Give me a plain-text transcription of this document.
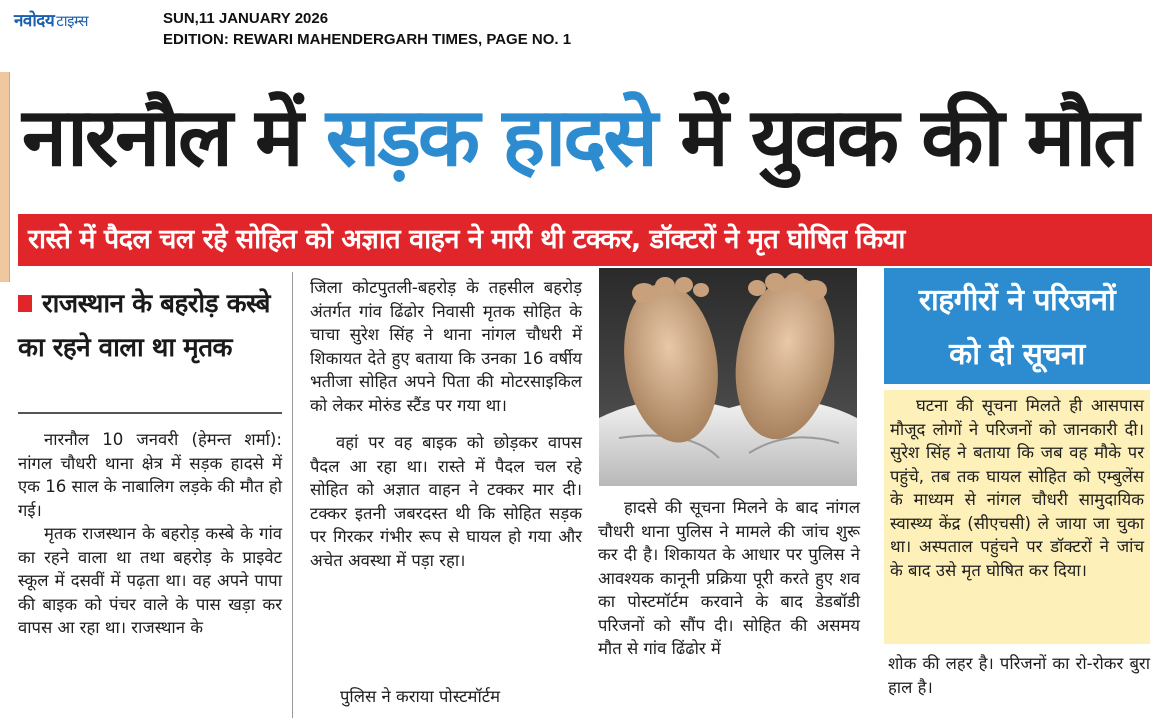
नवोदय टाइम्स	SUN,11 JANUARY 2026
EDITION: REWARI MAHENDERGARH TIMES, PAGE NO. 1
नारनौल में सड़क हादसे में युवक की मौत
रास्ते में पैदल चल रहे सोहित को अज्ञात वाहन ने मारी थी टक्कर, डॉक्टरों ने मृत घोषित किया
राजस्थान के बहरोड़ कस्बे का रहने वाला था मृतक

नारनौल 10 जनवरी (हेमन्त शर्मा): नांगल चौधरी थाना क्षेत्र में सड़क हादसे में एक 16 साल के नाबालिग लड़के की मौत हो गई।

मृतक राजस्थान के बहरोड़ कस्बे के गांव का रहने वाला था तथा बहरोड़ के प्राइवेट स्कूल में दसवीं में पढ़ता था। वह अपने पापा की बाइक को पंचर वाले के पास खड़ा कर वापस आ रहा था। राजस्थान के

जिला कोटपुतली-बहरोड़ के तहसील बहरोड़ अंतर्गत गांव ढिंढोर निवासी मृतक सोहित के चाचा सुरेश सिंह ने थाना नांगल चौधरी में शिकायत देते हुए बताया कि उनका 16 वर्षीय भतीजा सोहित अपने पिता की मोटरसाइकिल को लेकर मोरुंड स्टैंड पर गया था।

वहां पर वह बाइक को छोड़कर वापस पैदल आ रहा था। रास्ते में पैदल चल रहे सोहित को अज्ञात वाहन ने टक्कर मार दी। टक्कर इतनी जबरदस्त थी कि सोहित सड़क पर गिरकर गंभीर रूप से घायल हो गया और अचेत अवस्था में पड़ा रहा।

पुलिस ने कराया पोस्टमॉर्टम

हादसे की सूचना मिलने के बाद नांगल चौधरी थाना पुलिस ने मामले की जांच शुरू कर दी है। शिकायत के आधार पर पुलिस ने आवश्यक कानूनी प्रक्रिया पूरी करते हुए शव का पोस्टमॉर्टम करवाने के बाद डेडबॉडी परिजनों को सौंप दी। सोहित की असमय मौत से गांव ढिंढोर में

राहगीरों ने परिजनों
को दी सूचना

घटना की सूचना मिलते ही आसपास मौजूद लोगों ने परिजनों को जानकारी दी। सुरेश सिंह ने बताया कि जब वह मौके पर पहुंचे, तब तक घायल सोहित को एम्बुलेंस के माध्यम से नांगल चौधरी सामुदायिक स्वास्थ्य केंद्र (सीएचसी) ले जाया जा चुका था। अस्पताल पहुंचने पर डॉक्टरों ने जांच के बाद उसे मृत घोषित कर दिया।

शोक की लहर है। परिजनों का रो-रोकर बुरा हाल है।
